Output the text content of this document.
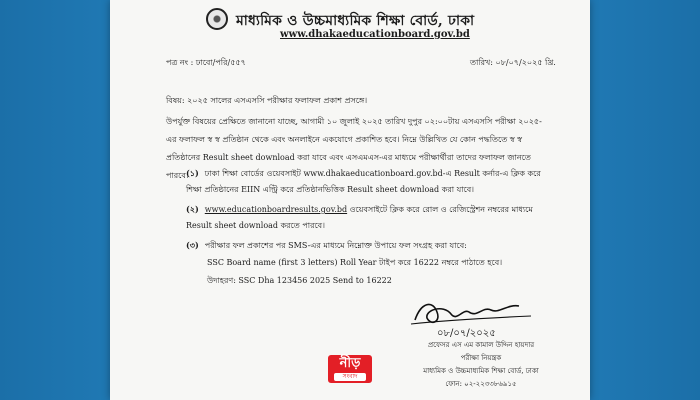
মাধ্যমিক ও উচ্চমাধ্যমিক শিক্ষা বোর্ড, ঢাকা
www.dhakaeducationboard.gov.bd
পত্র নং : ঢাবো/পরি/৫৫৭	তারিখ: ০৮/০৭/২০২৫ খ্রি.
বিষয়: ২০২৫ সালের এসএসসি পরীক্ষার ফলাফল প্রকাশ প্রসঙ্গে।
উপর্যুক্ত বিষয়ের প্রেক্ষিতে জানানো যাচ্ছে, আগামী ১০ জুলাই ২০২৫ তারিখ দুপুর ০২:০০টায় এসএসসি পরীক্ষা ২০২৫-এর ফলাফল স্ব স্ব প্রতিষ্ঠান থেকে এবং অনলাইনে একযোগে প্রকাশিত হবে। নিম্নে উল্লিখিত যে কোন পদ্ধতিতে স্ব স্ব প্রতিষ্ঠানের Result sheet download করা যাবে এবং এসএমএস-এর মাধ্যমে পরীক্ষার্থীরা তাদের ফলাফল জানতে পারবে।
(১) ঢাকা শিক্ষা বোর্ডের ওয়েবসাইট www.dhakaeducationboard.gov.bd-এ Result কর্নার-এ ক্লিক করে শিক্ষা প্রতিষ্ঠানের EIIN এন্ট্রি করে প্রতিষ্ঠানভিত্তিক Result sheet download করা যাবে।
(২) www.educationboardresults.gov.bd ওয়েবসাইটে ক্লিক করে রোল ও রেজিস্ট্রেশন নম্বরের মাধ্যমে Result sheet download করতে পারবে।
(৩) পরীক্ষার ফল প্রকাশের পর SMS-এর মাধ্যমে নিম্নোক্ত উপায়ে ফল সংগ্রহ করা যাবে:
SSC Board name (first 3 letters) Roll Year টাইপ করে 16222 নম্বরে পাঠাতে হবে।
উদাহরণ: SSC Dha 123456 2025 Send to 16222
০৮/০৭/২০২৫
প্রফেসর এস এম কামাল উদ্দিন হায়দার
পরীক্ষা নিয়ন্ত্রক
মাধ্যমিক ও উচ্চমাধ্যমিক শিক্ষা বোর্ড, ঢাকা
ফোন: ০২-২২৩৩৮৬৯১৫
নীড়
সংবাদ
